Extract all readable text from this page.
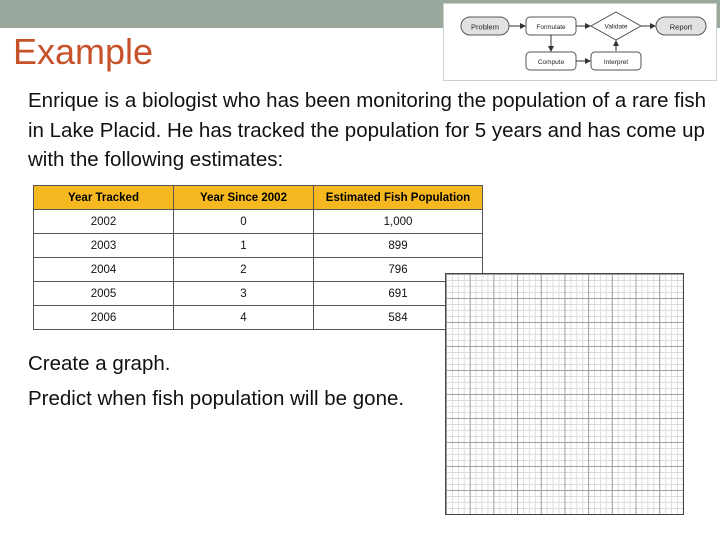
Example
Problem	Formulate	Validate	Report
Compute	Interpret
Enrique is a biologist who has been monitoring the population of a rare fish in Lake Placid. He has tracked the population for 5 years and has come up with the following estimates:
Year Tracked	Year Since 2002	Estimated Fish Population
2002	0	1,000
2003	1	899
2004	2	796
2005	3	691
2006	4	584
Create a graph.
Predict when fish population will be gone.
